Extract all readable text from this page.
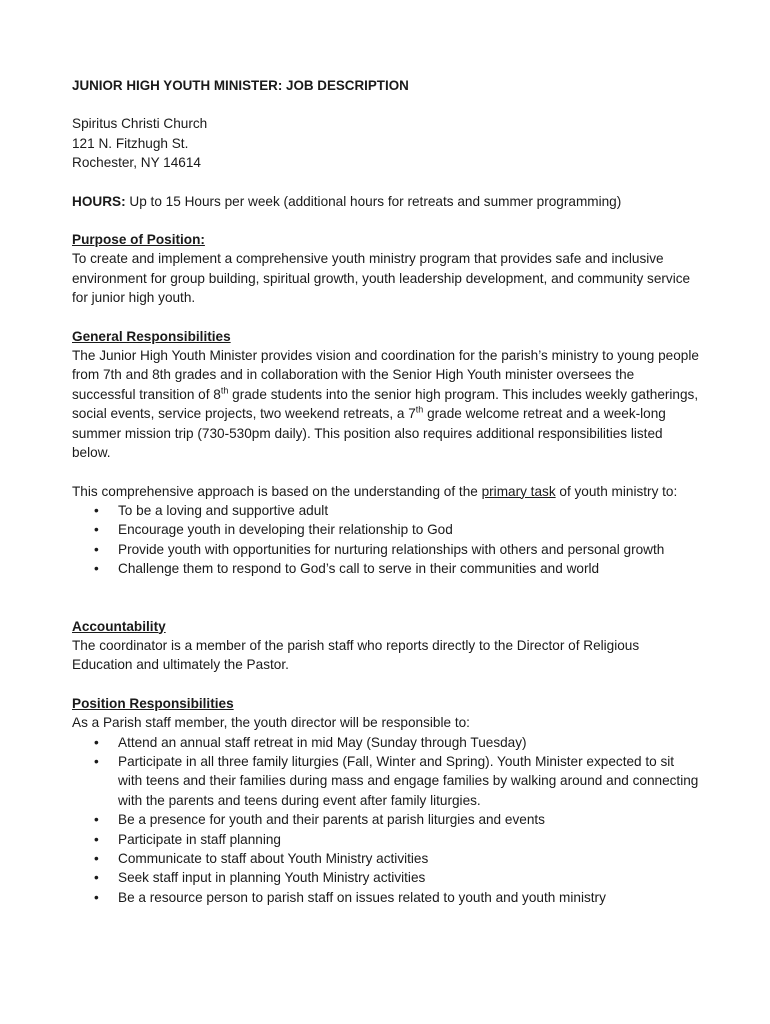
JUNIOR HIGH YOUTH MINISTER: JOB DESCRIPTION

Spiritus Christi Church

121 N. Fitzhugh St.

Rochester, NY 14614

HOURS: Up to 15 Hours per week (additional hours for retreats and summer programming)

Purpose of Position:

To create and implement a comprehensive youth ministry program that provides safe and inclusive environment for group building, spiritual growth, youth leadership development, and community service for junior high youth.

General Responsibilities

The Junior High Youth Minister provides vision and coordination for the parish’s ministry to young people from 7th and 8th grades and in collaboration with the Senior High Youth minister oversees the successful transition of 8th grade students into the senior high program. This includes weekly gatherings, social events, service projects, two weekend retreats, a 7th grade welcome retreat and a week-long summer mission trip (730-530pm daily). This position also requires additional responsibilities listed below.

This comprehensive approach is based on the understanding of the primary task of youth ministry to:

• To be a loving and supportive adult
• Encourage youth in developing their relationship to God
• Provide youth with opportunities for nurturing relationships with others and personal growth
• Challenge them to respond to God’s call to serve in their communities and world

Accountability

The coordinator is a member of the parish staff who reports directly to the Director of Religious Education and ultimately the Pastor.

Position Responsibilities

As a Parish staff member, the youth director will be responsible to:

• Attend an annual staff retreat in mid May (Sunday through Tuesday)
• Participate in all three family liturgies (Fall, Winter and Spring). Youth Minister expected to sit with teens and their families during mass and engage families by walking around and connecting with the parents and teens during event after family liturgies.
• Be a presence for youth and their parents at parish liturgies and events
• Participate in staff planning
• Communicate to staff about Youth Ministry activities
• Seek staff input in planning Youth Ministry activities
• Be a resource person to parish staff on issues related to youth and youth ministry
